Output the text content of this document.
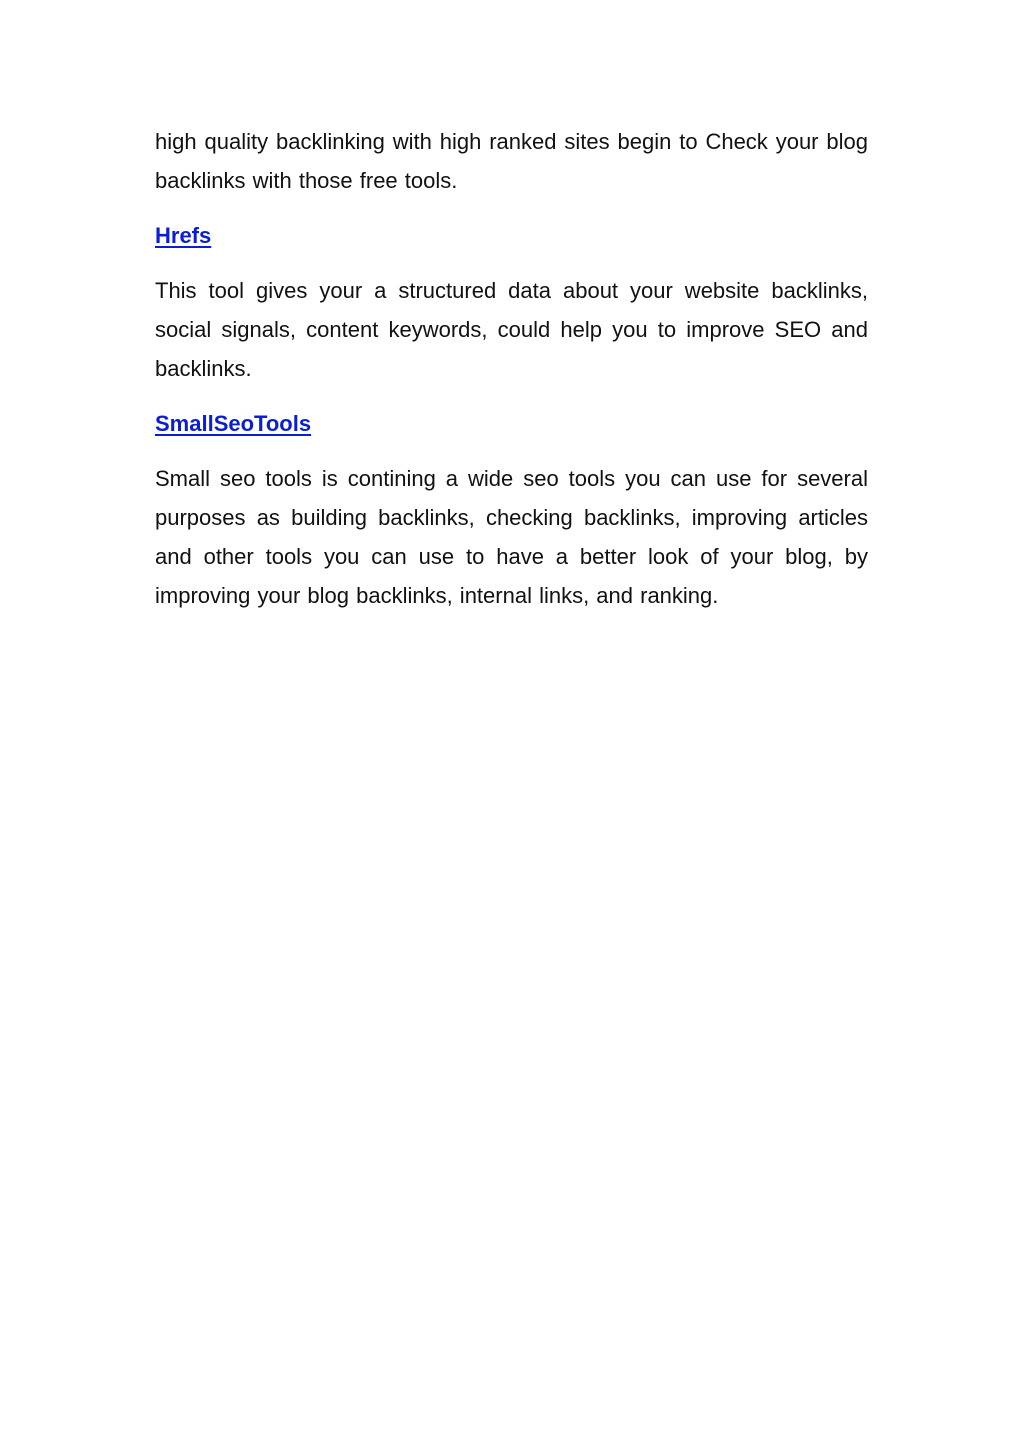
high quality backlinking with high ranked sites begin to Check your blog backlinks with those free tools.

Hrefs

This tool gives your a structured data about your website backlinks, social signals, content keywords, could help you to improve SEO and backlinks.

SmallSeoTools

Small seo tools is contining a wide seo tools you can use for several purposes as building backlinks, checking backlinks, improving articles and other tools you can use to have a better look of your blog, by improving your blog backlinks, internal links, and ranking.
